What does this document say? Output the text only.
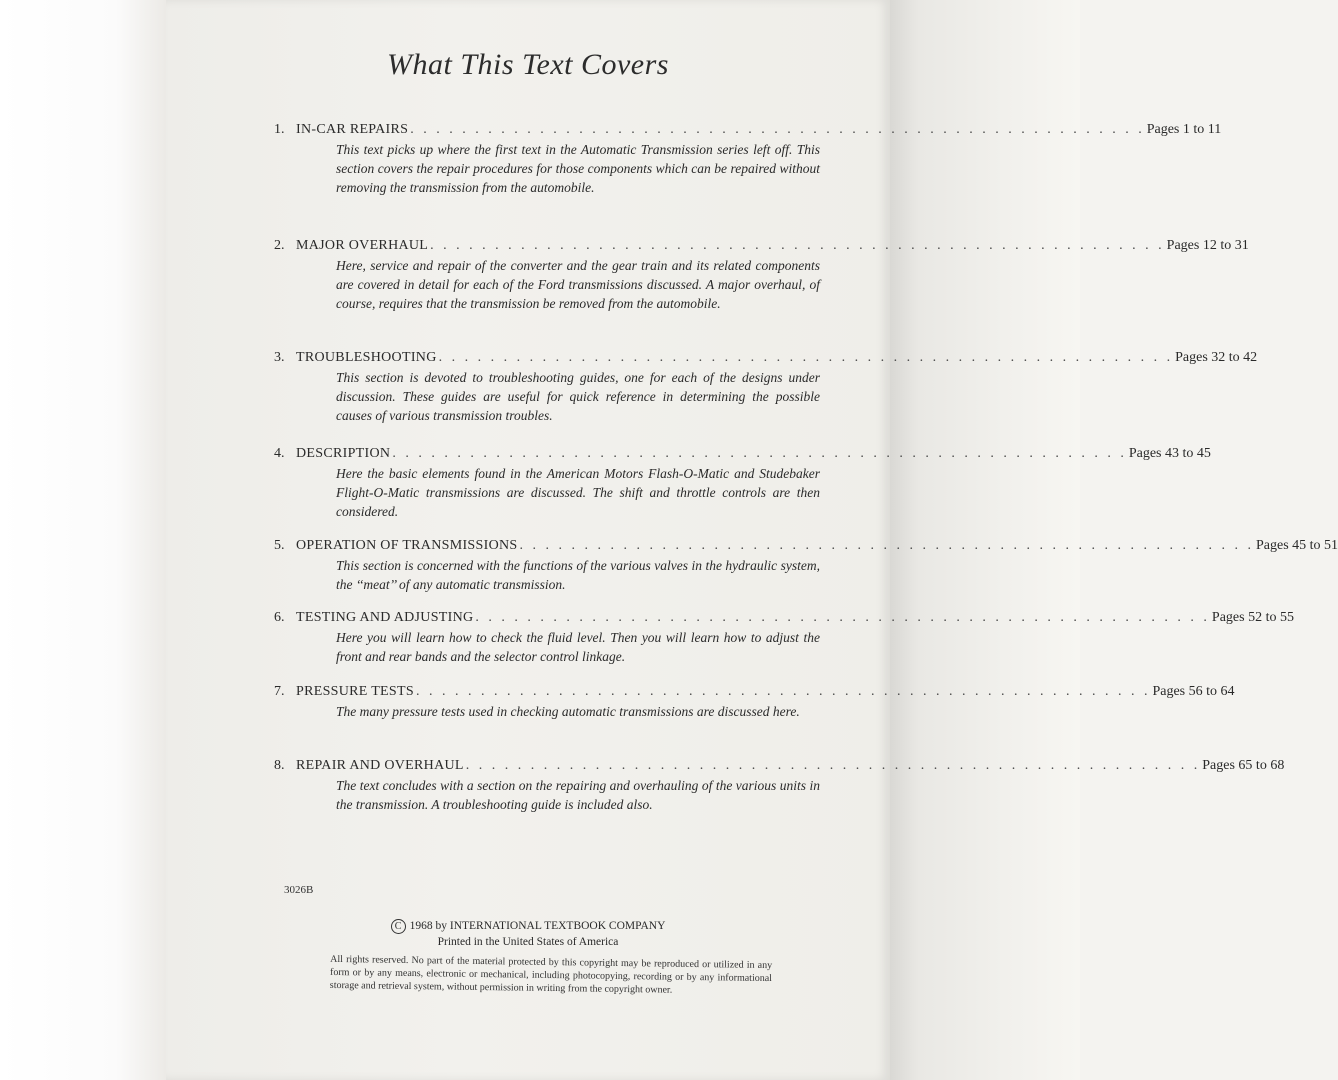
What This Text Covers
1. IN-CAR REPAIRS . . . . . . . . . . . . . . . . . . . . . . . . . . . . . . . . . . . . . . . . . . . . . . . . . . . . . . . . . Pages 1 to 11
This text picks up where the first text in the Automatic Transmission series left off. This section covers the repair procedures for those components which can be repaired without removing the transmission from the automobile.
2. MAJOR OVERHAUL . . . . . . . . . . . . . . . . . . . . . . . . . . . . . . . . . . . . . . . . . . . . . . . . . . . . . . . . . Pages 12 to 31
Here, service and repair of the converter and the gear train and its related components are covered in detail for each of the Ford transmissions discussed. A major overhaul, of course, requires that the transmission be removed from the automobile.
3. TROUBLESHOOTING . . . . . . . . . . . . . . . . . . . . . . . . . . . . . . . . . . . . . . . . . . . . . . . . . . . . . . . . . Pages 32 to 42
This section is devoted to troubleshooting guides, one for each of the designs under discussion. These guides are useful for quick reference in determining the possible causes of various transmission troubles.
4. DESCRIPTION . . . . . . . . . . . . . . . . . . . . . . . . . . . . . . . . . . . . . . . . . . . . . . . . . . . . . . . . . Pages 43 to 45
Here the basic elements found in the American Motors Flash-O-Matic and Studebaker Flight-O-Matic transmissions are discussed. The shift and throttle controls are then considered.
5. OPERATION OF TRANSMISSIONS . . . . . . . . . . . . . . . . . . . . . . . . . . . . . . . . . . . . . . . . . . . . . . . . . . . . . . . . . Pages 45 to 51
This section is concerned with the functions of the various valves in the hydraulic system, the ‘‘meat’’ of any automatic transmission.
6. TESTING AND ADJUSTING . . . . . . . . . . . . . . . . . . . . . . . . . . . . . . . . . . . . . . . . . . . . . . . . . . . . . . . . . Pages 52 to 55
Here you will learn how to check the fluid level. Then you will learn how to adjust the front and rear bands and the selector control linkage.
7. PRESSURE TESTS . . . . . . . . . . . . . . . . . . . . . . . . . . . . . . . . . . . . . . . . . . . . . . . . . . . . . . . . . Pages 56 to 64
The many pressure tests used in checking automatic transmissions are discussed here.
8. REPAIR AND OVERHAUL . . . . . . . . . . . . . . . . . . . . . . . . . . . . . . . . . . . . . . . . . . . . . . . . . . . . . . . . . Pages 65 to 68
The text concludes with a section on the repairing and overhauling of the various units in the transmission. A troubleshooting guide is included also.
3026B
C 1968 by INTERNATIONAL TEXTBOOK COMPANY
Printed in the United States of America
All rights reserved. No part of the material protected by this copyright may be reproduced or utilized in any form or by any means, electronic or mechanical, including photocopying, recording or by any informational storage and retrieval system, without permission in writing from the copyright owner.
